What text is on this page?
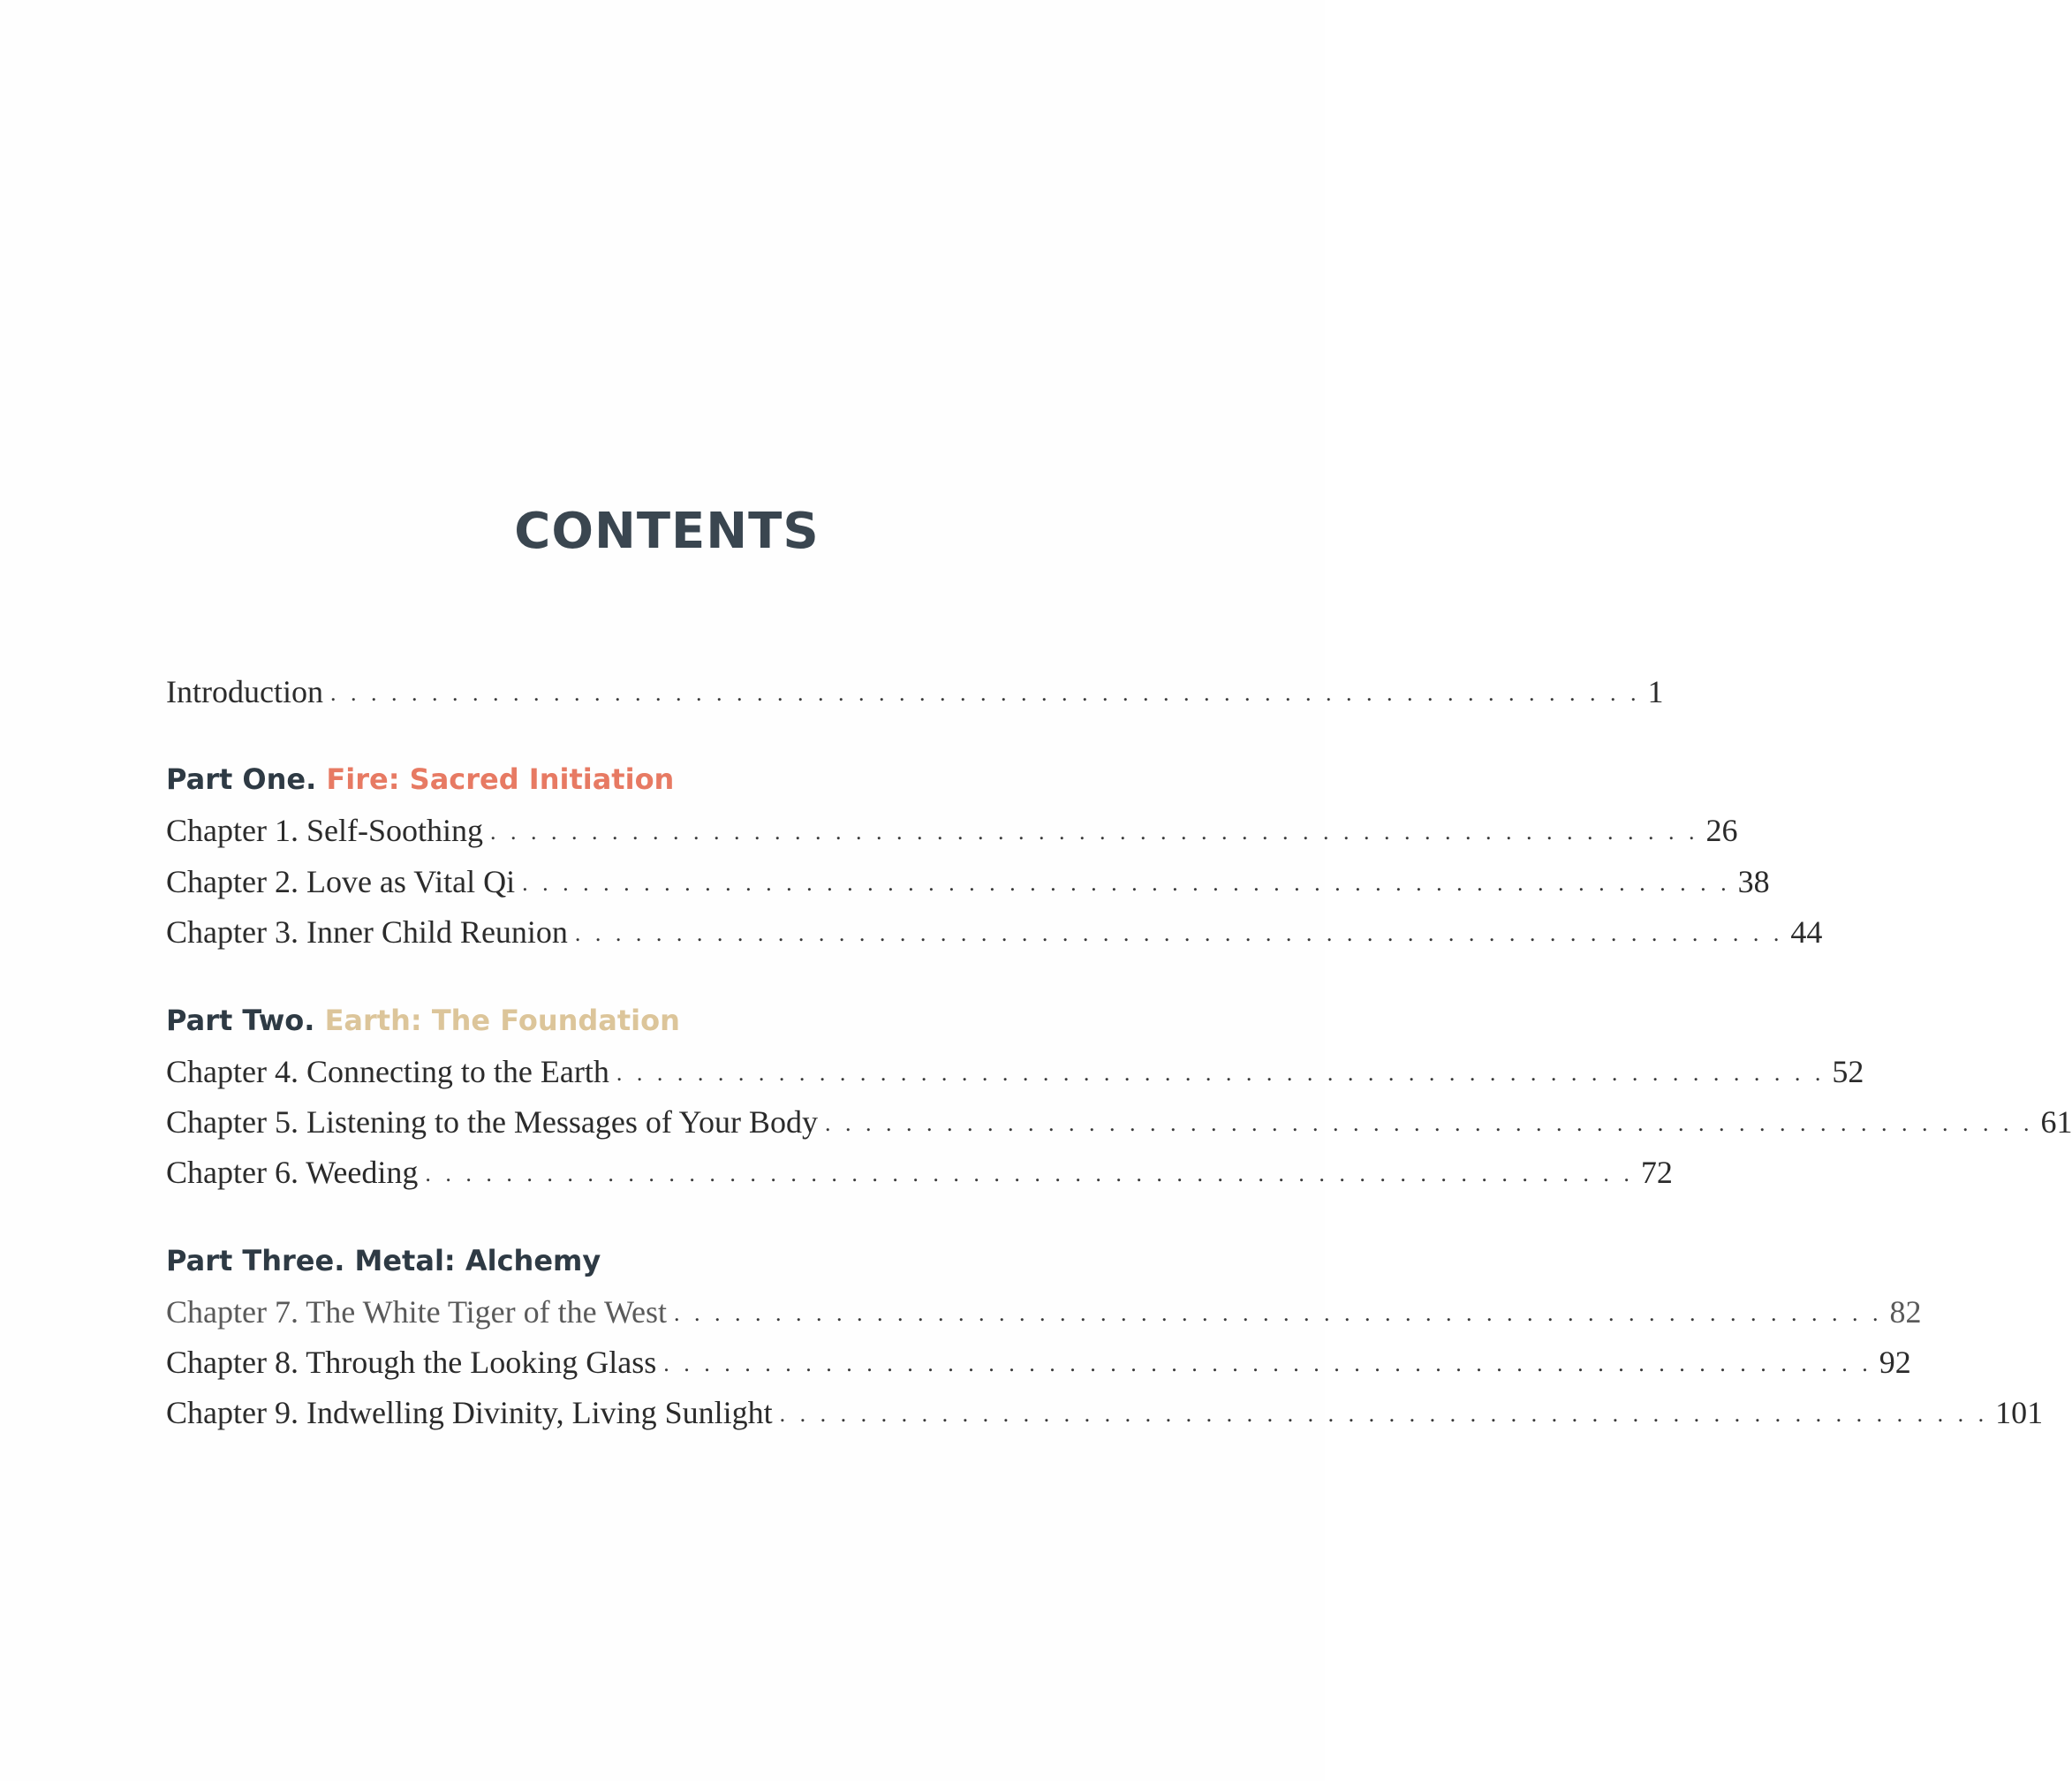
CONTENTS
Introduction . . . . . . . . . . . . . . . . . . . . . . . . . . . . . . . . . . . . . . . . . . . . . . . . . . . . . . . . . . . . . . . . . 1
Part One. Fire: Sacred Initiation
Chapter 1. Self-Soothing . . . . . . . . . . . . . . . . . . . . . . . . . . . . . . . . . . . . . . . . . . . . . . . . . . . . . . . . . . . . 26
Chapter 2. Love as Vital Qi . . . . . . . . . . . . . . . . . . . . . . . . . . . . . . . . . . . . . . . . . . . . . . . . . . . . . . . . . . . . 38
Chapter 3. Inner Child Reunion . . . . . . . . . . . . . . . . . . . . . . . . . . . . . . . . . . . . . . . . . . . . . . . . . . . . . . . . . . . . 44
Part Two. Earth: The Foundation
Chapter 4. Connecting to the Earth . . . . . . . . . . . . . . . . . . . . . . . . . . . . . . . . . . . . . . . . . . . . . . . . . . . . . . . . . . . . 52
Chapter 5. Listening to the Messages of Your Body . . . . . . . . . . . . . . . . . . . . . . . . . . . . . . . . . . . . . . . . . . . . . . . . . . . . . . . . . . . . 61
Chapter 6. Weeding . . . . . . . . . . . . . . . . . . . . . . . . . . . . . . . . . . . . . . . . . . . . . . . . . . . . . . . . . . . . 72
Part Three. Metal: Alchemy
Chapter 7. The White Tiger of the West . . . . . . . . . . . . . . . . . . . . . . . . . . . . . . . . . . . . . . . . . . . . . . . . . . . . . . . . . . . . 82
Chapter 8. Through the Looking Glass . . . . . . . . . . . . . . . . . . . . . . . . . . . . . . . . . . . . . . . . . . . . . . . . . . . . . . . . . . . . 92
Chapter 9. Indwelling Divinity, Living Sunlight . . . . . . . . . . . . . . . . . . . . . . . . . . . . . . . . . . . . . . . . . . . . . . . . . . . . . . . . . . . . 101
